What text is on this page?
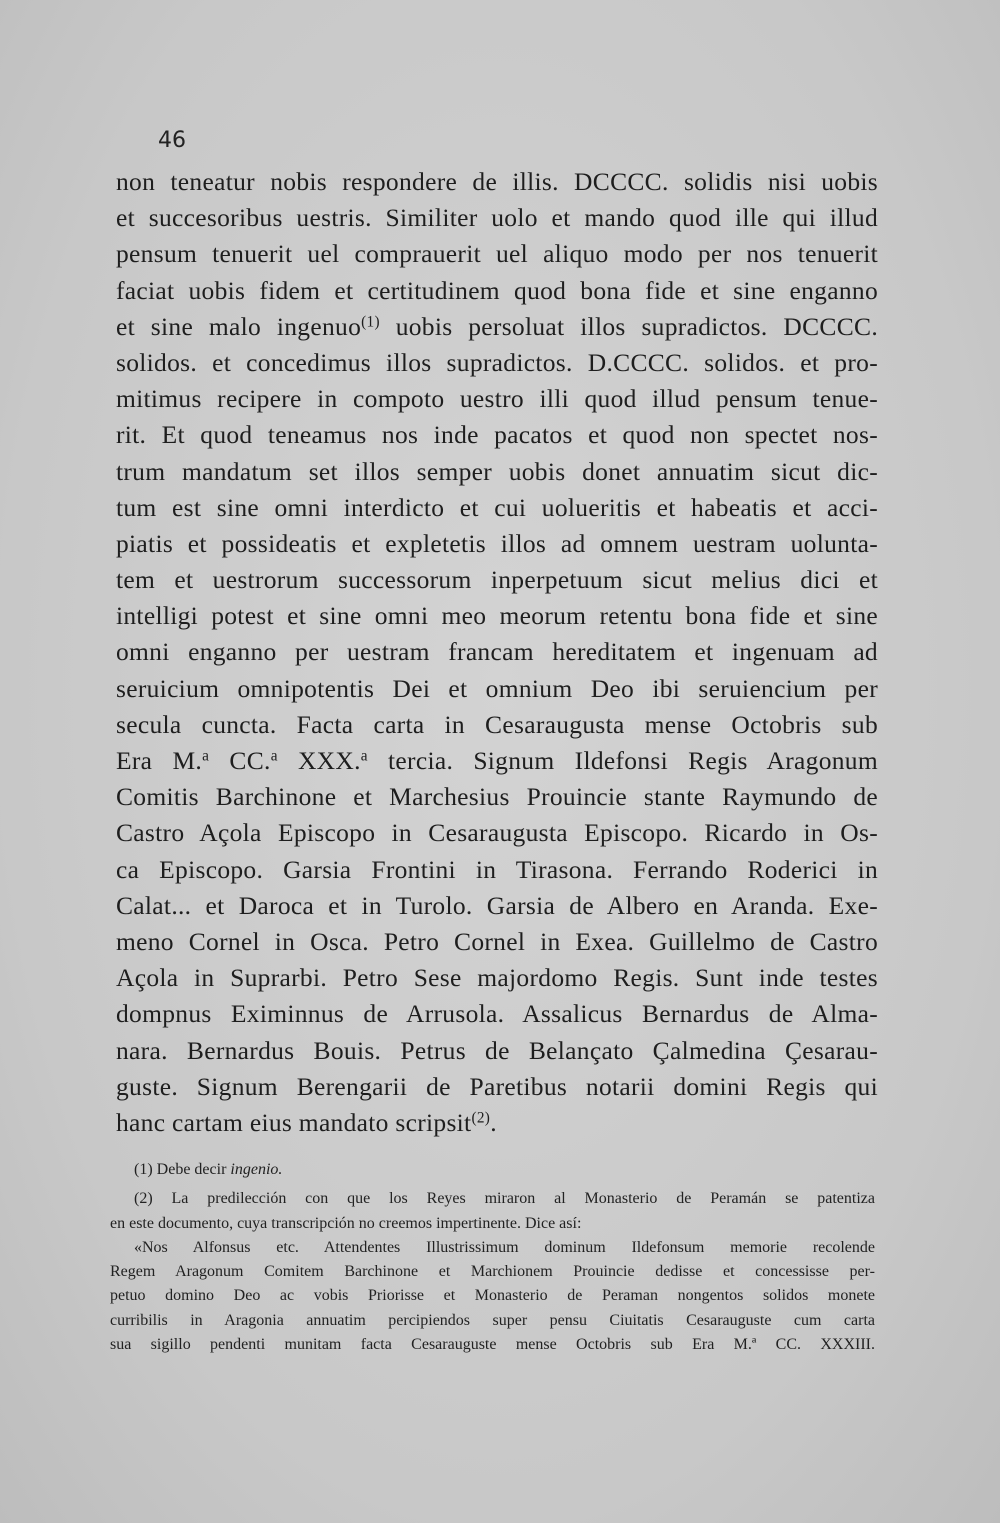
46
non teneatur nobis respondere de illis. DCCCC. solidis nisi uobis
et succesoribus uestris. Similiter uolo et mando quod ille qui illud
pensum tenuerit uel comprauerit uel aliquo modo per nos tenuerit
faciat uobis fidem et certitudinem quod bona fide et sine enganno
et sine malo ingenuo$^{(1)}$ uobis persoluat illos supradictos. DCCCC.
solidos. et concedimus illos supradictos. D.CCCC. solidos. et pro-
mitimus recipere in compoto uestro illi quod illud pensum tenue-
rit. Et quod teneamus nos inde pacatos et quod non spectet nos-
trum mandatum set illos semper uobis donet annuatim sicut dic-
tum est sine omni interdicto et cui uolueritis et habeatis et acci-
piatis et possideatis et expletetis illos ad omnem uestram uolunta-
tem et uestrorum successorum inperpetuum sicut melius dici et
intelligi potest et sine omni meo meorum retentu bona fide et sine
omni enganno per uestram francam hereditatem et ingenuam ad
seruicium omnipotentis Dei et omnium Deo ibi seruiencium per
secula cuncta. Facta carta in Cesaraugusta mense Octobris sub
Era M.$^a$ CC.$^a$ XXX.$^a$ tercia. Signum Ildefonsi Regis Aragonum
Comitis Barchinone et Marchesius Prouincie stante Raymundo de
Castro Açola Episcopo in Cesaraugusta Episcopo. Ricardo in Os-
ca Episcopo. Garsia Frontini in Tirasona. Ferrando Roderici in
Calat... et Daroca et in Turolo. Garsia de Albero en Aranda. Exe-
meno Cornel in Osca. Petro Cornel in Exea. Guillelmo de Castro
Açola in Suprarbi. Petro Sese majordomo Regis. Sunt inde testes
dompnus Eximinnus de Arrusola. Assalicus Bernardus de Alma-
nara. Bernardus Bouis. Petrus de Belançato Çalmedina Çesarau-
guste. Signum Berengarii de Paretibus notarii domini Regis qui
hanc cartam eius mandato scripsit$^{(2)}$.
(1) Debe decir ingenio.
(2) La predilección con que los Reyes miraron al Monasterio de Peramán se patentiza
en este documento, cuya transcripción no creemos impertinente. Dice así:
«Nos Alfonsus etc. Attendentes Illustrissimum dominum Ildefonsum memorie recolende
Regem Aragonum Comitem Barchinone et Marchionem Prouincie dedisse et concessisse per-
petuo domino Deo ac vobis Priorisse et Monasterio de Peraman nongentos solidos monete
curribilis in Aragonia annuatim percipiendos super pensu Ciuitatis Cesarauguste cum carta
sua sigillo pendenti munitam facta Cesarauguste mense Octobris sub Era M.ª CC. XXXIII.
